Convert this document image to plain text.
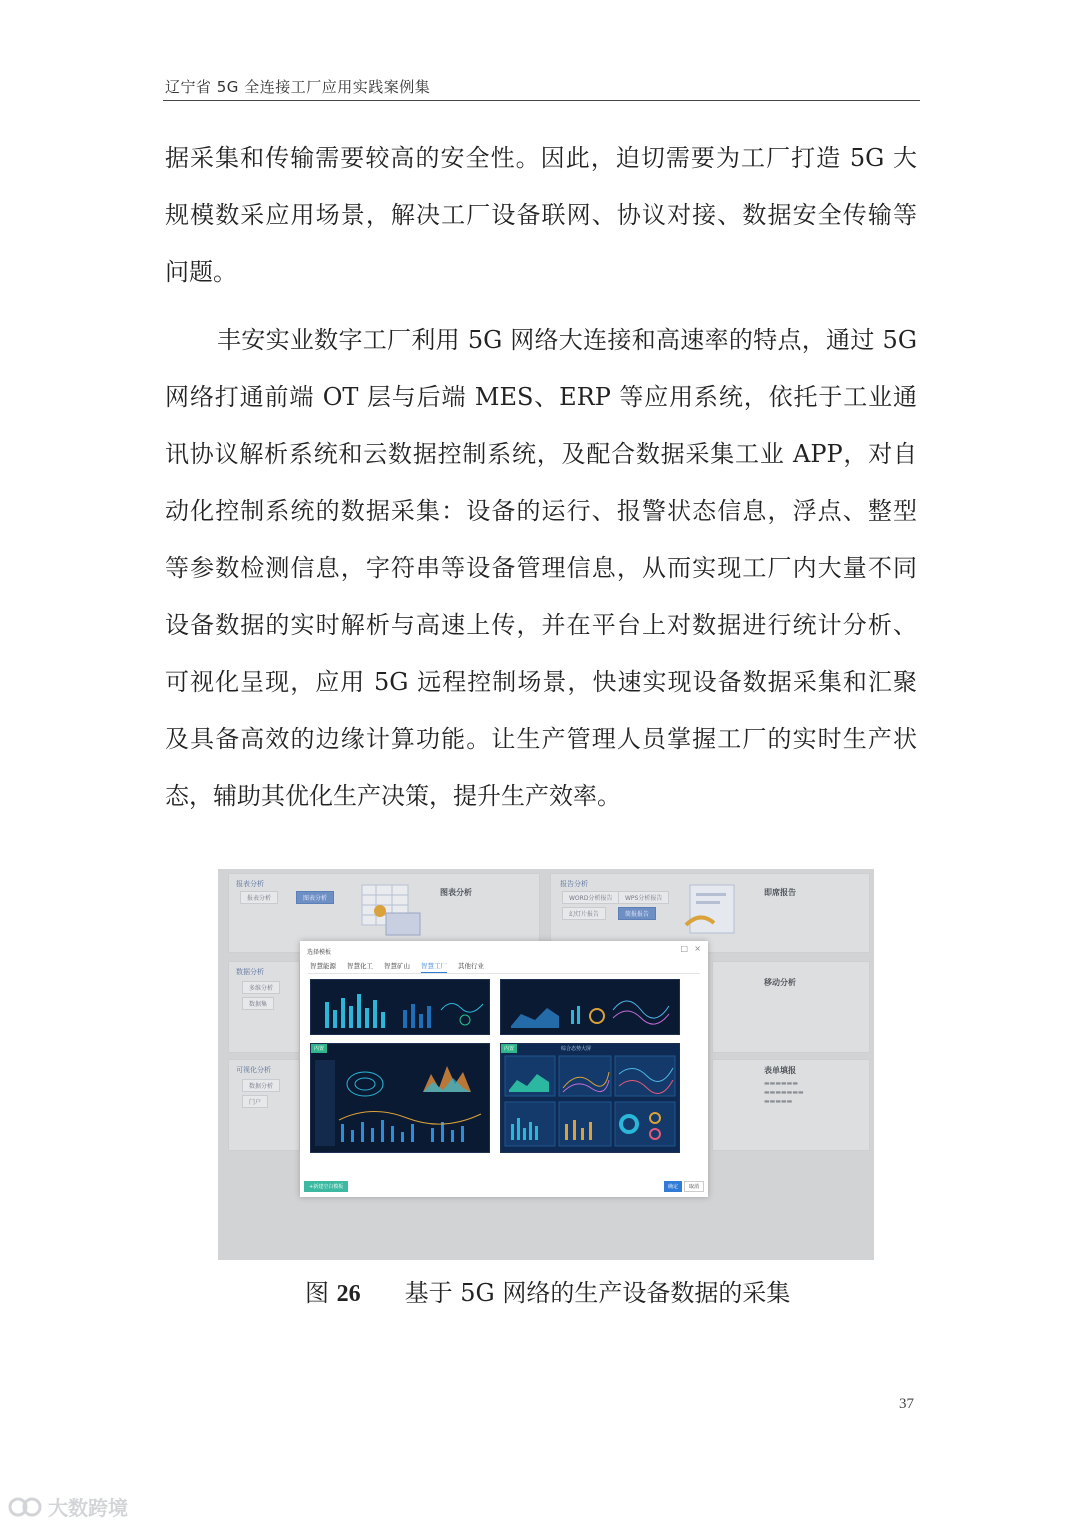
辽宁省 5G 全连接工厂应用实践案例集

据采集和传输需要较高的安全性。因此，迫切需要为工厂打造 5G 大

规模数采应用场景，解决工厂设备联网、协议对接、数据安全传输等

问题。

丰安实业数字工厂利用 5G 网络大连接和高速率的特点，通过 5G

网络打通前端 OT 层与后端 MES、ERP 等应用系统，依托于工业通

讯协议解析系统和云数据控制系统，及配合数据采集工业 APP，对自

动化控制系统的数据采集：设备的运行、报警状态信息，浮点、整型

等参数检测信息，字符串等设备管理信息，从而实现工厂内大量不同

设备数据的实时解析与高速上传，并在平台上对数据进行统计分析、

可视化呈现，应用 5G 远程控制场景，快速实现设备数据采集和汇聚

及具备高效的边缘计算功能。让生产管理人员掌握工厂的实时生产状

态，辅助其优化生产决策，提升生产效率。

报表分析
报表分析	图表分析
图表分析
报告分析
WORD分析报告	WPS分析报告
幻灯片报告	简报报告
即席报告
数据分析
多维分析
数据集
移动分析
可视化分析
数据分析
门户
表单填报
▬▬▬▬▬▬
▬▬▬▬▬▬▬
▬▬▬▬▬
选择模板	□ ×
智慧能源 智慧化工 智慧矿山 智慧工厂 其他行业
内置	内置	综合态势大屏
+新建空白模板	确定	取消
图 26 基于 5G 网络的生产设备数据的采集
37
大数跨境
